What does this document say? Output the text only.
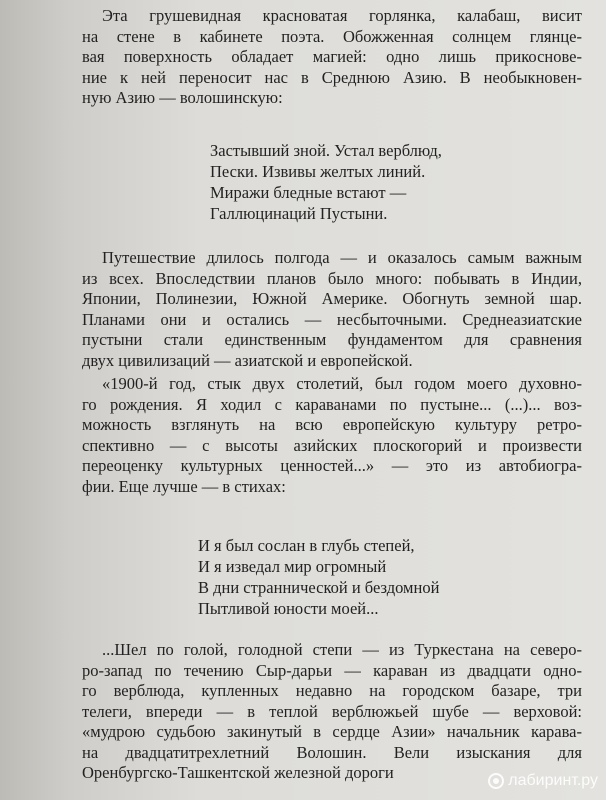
Эта грушевидная красноватая горлянка, калабаш, висит
на стене в кабинете поэта. Обожженная солнцем глянце-
вая поверхность обладает магией: одно лишь прикоснове-
ние к ней переносит нас в Среднюю Азию. В необыкновен-
ную Азию — волошинскую:
Застывший зной. Устал верблюд,
Пески. Извивы желтых линий.
Миражи бледные встают —
Галлюцинаций Пустыни.
Путешествие длилось полгода — и оказалось самым важным
из всех. Впоследствии планов было много: побывать в Индии,
Японии, Полинезии, Южной Америке. Обогнуть земной шар.
Планами они и остались — несбыточными. Среднеазиатские
пустыни стали единственным фундаментом для сравнения
двух цивилизаций — азиатской и европейской.
«1900-й год, стык двух столетий, был годом моего духовно-
го рождения. Я ходил с караванами по пустыне... (...)... воз-
можность взглянуть на всю европейскую культуру ретро-
спективно — с высоты азийских плоскогорий и произвести
переоценку культурных ценностей...» — это из автобиогра-
фии. Еще лучше — в стихах:
И я был сослан в глубь степей,
И я изведал мир огромный
В дни страннической и бездомной
Пытливой юности моей...
...Шел по голой, голодной степи — из Туркестана на северо-
ро-запад по течению Сыр-дарьи — караван из двадцати одно-
го верблюда, купленных недавно на городском базаре, три
телеги, впереди — в теплой верблюжьей шубе — верховой:
«мудрою судьбою закинутый в сердце Азии» начальник карава-
на двадцатитрехлетний Волошин. Вели изыскания для
Оренбургско-Ташкентской железной дороги	лабиринт.ру
